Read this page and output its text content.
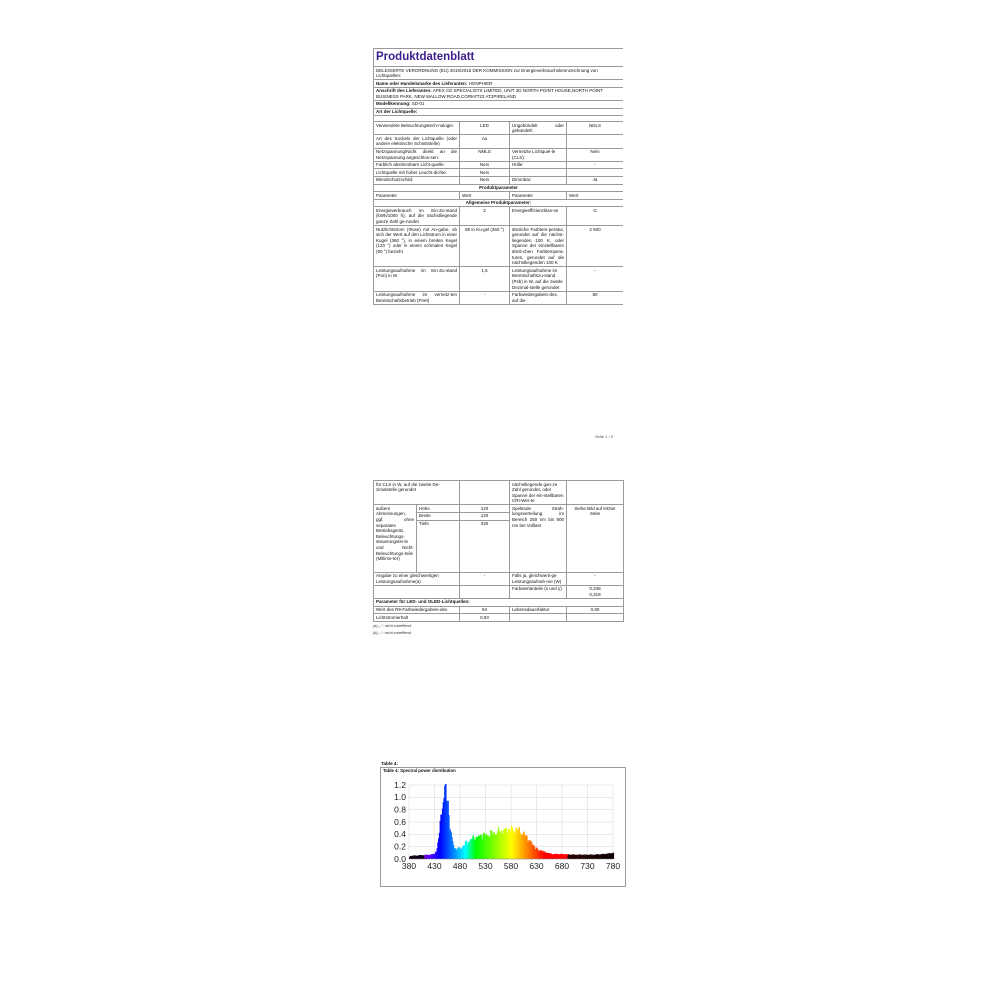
Produktdatenblatt			
DELEGIERTE VERORDNUNG (EU) 2019/2015 DER KOMMISSION zur Energieverbrauchskennzeichnung von Lichtquellen:			
Name oder Handelsmarke des Lieferanten: HONPHIER			
Anschrift des Lieferanten: APEX CE SPECIALISTS LIMITED, UNIT 3D NORTH POINT HOUSE,NORTH POINT BUSINESS PARK, NEW MALLOW ROAD,CORK#T23 AT2PIRELAND			
Modellkennung: SD-01			
Art der Lichtquelle:			

Verwendete Beleuchtungstech-nologie:	LED	Ungebündelt oder gebündelt:	NDLS
Art des Sockels der Lichtquelle (oder andere elektrische Schnittstelle)	na		
Netzspannung/Nicht direkt an die Netzspannung angeschlos-sen:	NMLS	Vernetzte Lichtquel-le (CLS):	Nein
Farblich abstimmbare Licht-quelle:	Nein	Hülle:	-
Lichtquelle mit hoher Leucht-dichte:	Nein		
Blendschutzschild:	Nein	Dimmbar:	Ja
Produktparameter			
Parameter	Wert	Parameter	Wert
Allgemeine Produktparameter:			
Energieverbrauch im Ein-Zu-stand (kWh/1000 h), auf die nächstliegende ganze Zahl ge-rundet	2	Energieeffizienzklas-se	G
Nutzlichtstrom (Φuse) mit An-gabe, ob sich der Wert auf den Lichtstrom in einer Kugel (360 °), in einem breiten Kegel (120 °) oder in einem schmalen Kegel (90 °) bezieht	80 in Ku-gel (360 °)	ähnliche Farbtem-peratur, gerundet auf die nächst-liegenden 100 K, oder Spanne der einstellbaren ähnli-chen Farbtempera-turen, gerundet auf die nächstliegenden 100 K	2 800
Leistungsaufnahme im Ein-Zu-stand (Pon) in W	1,5	Leistungsaufnahme im Bereitschaftszu-stand (Psb) in W, auf die zweite Dezimal-stelle gerundet	-
Leistungsaufnahme im vernetz-ten Bereitschaftsbetrieb (Pnet)	-	Farbwiedergabein-dex, auf die	80
Seite 1 / 3
für CLS in W, auf die zweite De-zimalstelle gerundet			nächstliegende gan-ze Zahl gerundet, oder Spanne der ein-stellbaren CRI-Wer-te	
äußere Abmessungen, ggf. ohne separates Betriebsgerät, Beleuchtungs-steuerungstei-le und Nicht-Beleuchtungs-teile (Millime-ter)	Höhe	120	Spektrale Strah-lungsverteilung im Bereich 250 nm bis 800 nm bei Volllast	Siehe Bild auf letzter Seite
	Breite	120		
	Tiefe	330		
Angabe zu einer gleichwertigen Leistungsaufnahme(a)		-	Falls ja, gleichwerti-ge Leistungsaufnah-me (W)	-
			Farbwertanteile (x und y)	0,348
0,319
Parameter für LED- und OLED-Lichtquellen:				
Wert des R9-Farbwiedergabein-dex		94	Lebensdauerfaktor	0,90
Lichtstromerhalt		0,93		
(a) „-“: nicht zutreffend;
(b) „-“: nicht zutreffend;
Table 4:
Table 4: Spectral power distribution
1.2
1.0
0.8
0.6
0.4
0.2
0.0
380 430 480 530 580 630 680 730 780
